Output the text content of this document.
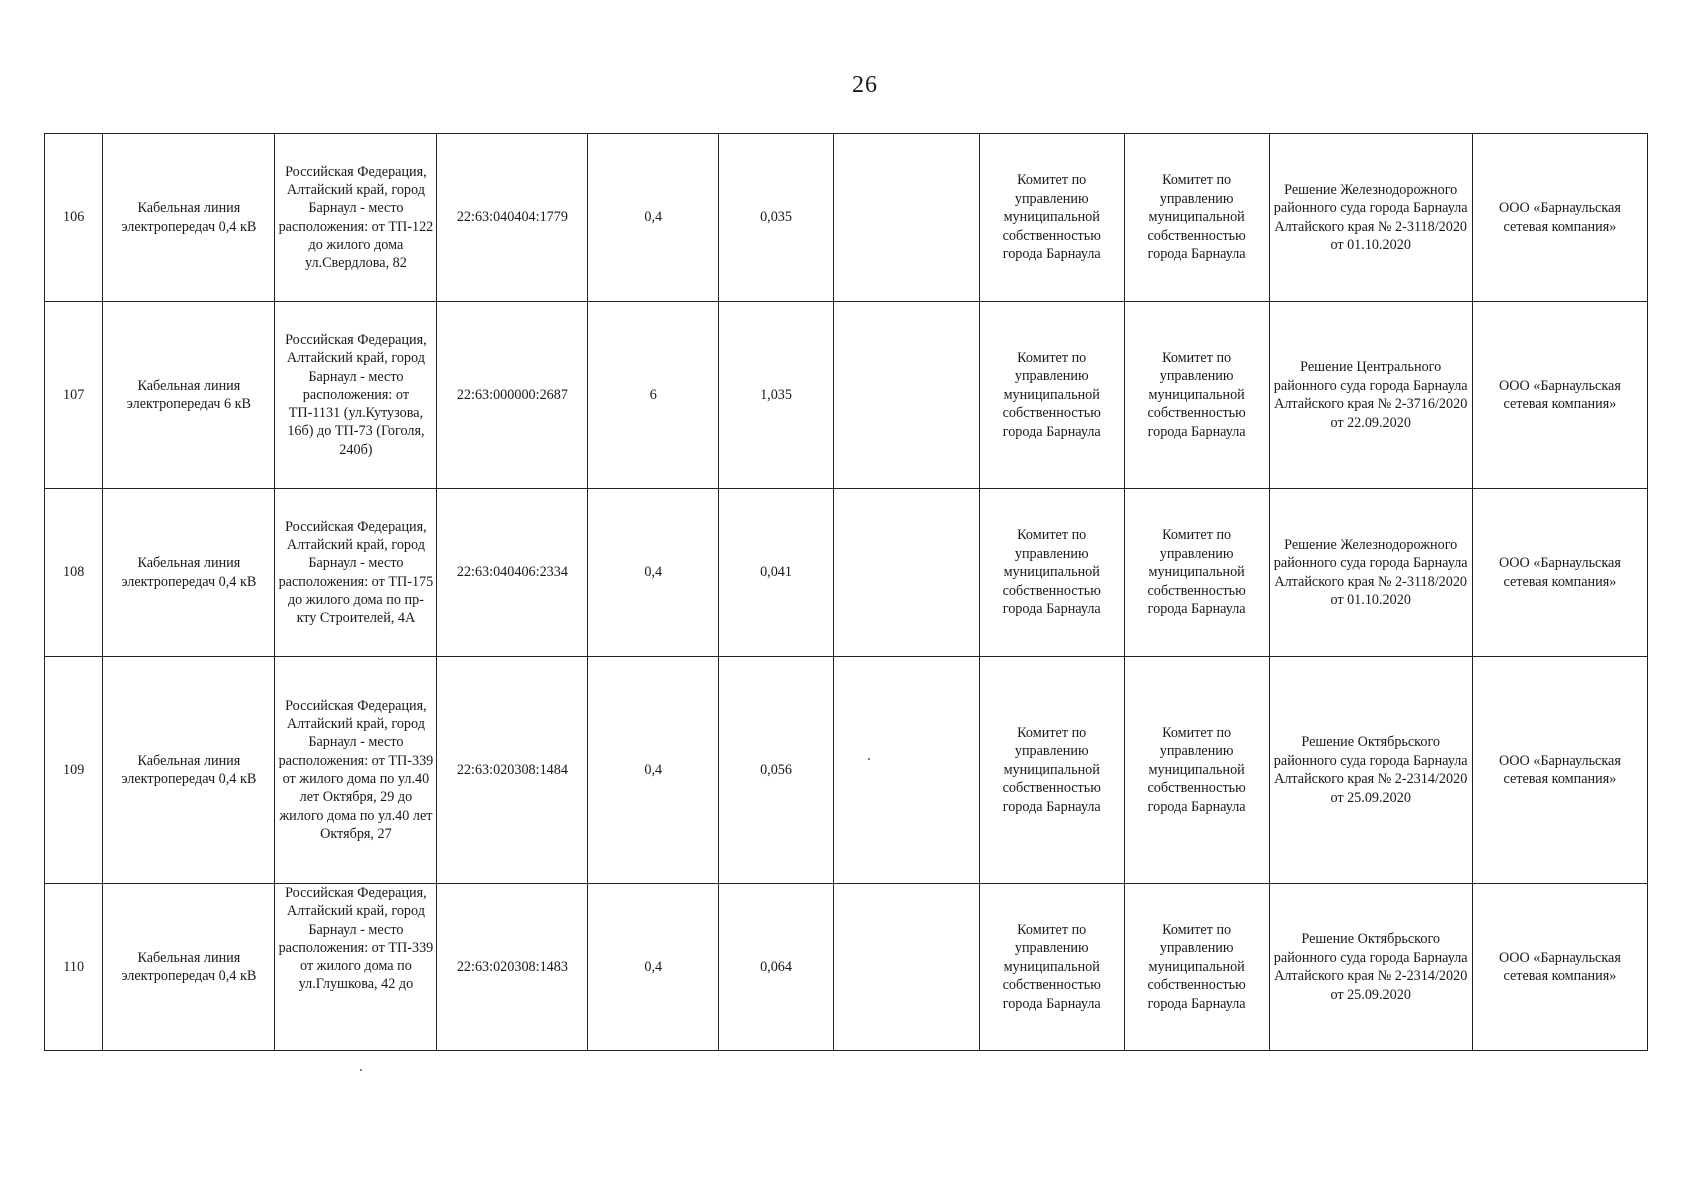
26
106	Кабельная линия электропередач 0,4 кВ	Российская Федерация, Алтайский край, город Барнаул - место расположения: от ТП-122 до жилого дома ул.Свердлова, 82	22:63:040404:1779	0,4	0,035		Комитет по управлению муниципальной собственностью города Барнаула	Комитет по управлению муниципальной собственностью города Барнаула	Решение Железнодорожного районного суда города Барнаула Алтайского края № 2-3118/2020 от 01.10.2020	ООО «Барнаульская сетевая компания»
107	Кабельная линия электропередач 6 кВ	Российская Федерация, Алтайский край, город Барнаул - место расположения: от ТП-1131 (ул.Кутузова, 16б) до ТП-73 (Гоголя, 240б)	22:63:000000:2687	6	1,035		Комитет по управлению муниципальной собственностью города Барнаула	Комитет по управлению муниципальной собственностью города Барнаула	Решение Центрального районного суда города Барнаула Алтайского края № 2-3716/2020 от 22.09.2020	ООО «Барнаульская сетевая компания»
108	Кабельная линия электропередач 0,4 кВ	Российская Федерация, Алтайский край, город Барнаул - место расположения: от ТП-175 до жилого дома по пр-кту Строителей, 4А	22:63:040406:2334	0,4	0,041		Комитет по управлению муниципальной собственностью города Барнаула	Комитет по управлению муниципальной собственностью города Барнаула	Решение Железнодорожного районного суда города Барнаула Алтайского края № 2-3118/2020 от 01.10.2020	ООО «Барнаульская сетевая компания»
109	Кабельная линия электропередач 0,4 кВ	Российская Федерация, Алтайский край, город Барнаул - место расположения: от ТП-339 от жилого дома по ул.40 лет Октября, 29 до жилого дома по ул.40 лет Октября, 27	22:63:020308:1484	0,4	0,056		Комитет по управлению муниципальной собственностью города Барнаула	Комитет по управлению муниципальной собственностью города Барнаула	Решение Октябрьского районного суда города Барнаула Алтайского края № 2-2314/2020 от 25.09.2020	ООО «Барнаульская сетевая компания»
110	Кабельная линия электропередач 0,4 кВ	Российская Федерация, Алтайский край, город Барнаул - место расположения: от ТП-339 от жилого дома по ул.Глушкова, 42 до	22:63:020308:1483	0,4	0,064		Комитет по управлению муниципальной собственностью города Барнаула	Комитет по управлению муниципальной собственностью города Барнаула	Решение Октябрьского районного суда города Барнаула Алтайского края № 2-2314/2020 от 25.09.2020	ООО «Барнаульская сетевая компания»
